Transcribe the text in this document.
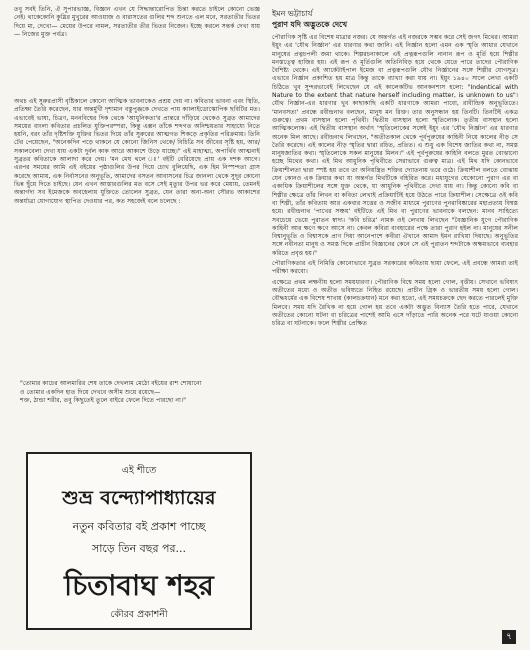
তবু সবই তিনি, ঐ সুপারভাজ্ঞ, বিজ্ঞান এখন যে সিদ্ধান্তারোপিত চিন্তা করতে চাইলে কোনো ভেজ্ঞ নেই। থাকেকোনি কুয়্রির মুখুরের আওয়াজ ও বারাসতের গুলির শব্দ শুনতে এল মনে, সরতাতীর ভিতর দিয়ে মা, দেখো— মেয়ের উপরে নামল, সরতাতীর তীর ভিতর নিজেন। ইচ্ছে করলে সন্তর্ক দেখা যায় — নিজের মুক্ত পর্বত্র।

অথচ এই সুরুরপ্রাসী বৃষ্টিকালে কোনো আত্মিক ভাবনাকেও প্রশ্রয় দেয় না। কবিতার ভাবনা এবং স্থিতি, প্রতিক্ষা তৈরি করেছেন, যার অন্তর্মুখী দৃশ্যমান বস্তুপুঞ্জকে দেখতে পায় ক্যালাইডোস্কোপিক ছবিটির মত। এভাবেই ভাষা, চিত্রণ, মননবিশ্বের দিক থেকে 'আধুনিকতা'র প্রান্তরে দাঁড়িয়ে থেকেও সুব্রত আমাদের সময়ের বাংলা কবিতার প্রচলিত যুক্তিপরম্পরা, কিন্তু এক্সন তাঁকে শব্দগত অনিশ্চয়তার সাহায্যে নিতে হয়নি, বরং তাঁর দৃষ্টিশক্তি যুক্তির ভিতর দিয়ে তাঁর সুরুরের আত্মগত শিকড়ে প্রকৃতির পরিক্রমায়। তিনি টের পেয়েছেন, "অনেকদিন পড়ে থাকনে যে কোনো জিনিস থেকে/ বিচিত্রি সব জীবের সৃষ্টি হয়, আর/ সকালবেলা দেখা যায় একটা দুর্বল কাক আরে আকাশে উড়ে যাচ্ছে।" এই মাহাত্ম্য, অপার্থিব আত্মনাই সুব্রতর কবিতাকে আলাদা করে দেয়। 'মন মেঘ থলে ঃ' বইটি বেরিয়েছে প্রায় এক দশক আগে। এরপর সময়ের আমি এই বইয়ের পৃষ্ঠাগুলির উপর দিয়ে চোখ বুলিয়েছি, এক হিম নিস্পন্দতা গ্রাস করেছে আমায়, এক নির্বাসনের অনুভূতি, আমাদের বসতন আবাসনের চিত্র জানলা থেকে সুদূর কোনো ভিন্ন ছুঁয়ে দিতে চাইছে। যেন এখন আস্তারগুলির মত বসে সেই মৃত্যুর উপর ভর করে মেয়ায়, তেমনই অন্তার্গদ্য সব ইমেজকে অবহেলায় যুক্তিতে তোলেন সুব্রত, যেন তারা অন্য-অন্য সৌরভ আকাশের অন্তর্যাত্রা যোগাযোগ স্থাপিত দেওয়ার পর, কত সহজেই বলে চলেছে :

"তোমার কাচের আলমারির শেষ তাকে দেখলাম মেঠো বইয়ের রাশ শোয়ানো

ও তোমার একদিন হাত দিয়ে দেখবে অসীম শুয়ে রয়েছে—

শক্ত, ঠান্ডা শরীর, তবু কিছুতেই তুলে বাইরে ফেলে দিতে পারছো না।"

এই শীতে
শুভ্র বন্দ্যোপাধ্যায়ের
নতুন কবিতার বই প্রকাশ পাচ্ছে
সাড়ে তিন বছর পর...
চিতাবাঘ শহর
কৌরব প্রকাশনী
ইমন ভট্টাচার্য
পুরাণ যদি অদ্ভুতকে দেখে

পৌরাণিক সৃষ্টি এর বিশেষ মাত্রার নজর। যে অন্তর্গত এই নজরকে সম্ভব করে সেই জগৎ মিথের। আমরা ইয়ুং এর 'যৌথ নির্জ্ঞান' এর ধারণার কথা জানি। এই নির্জ্ঞান হলো এমন এক স্মৃতি আধার যেখানে মানুষের প্রত্নচপলী জমা থাকে। শিল্পরচনাকালে এই প্রত্নরূপগুলি নানান রূপ ও মূর্তি হয়ে শিল্পীর মনস্তত্ত্বে হাজির হয়। এই রূপ ও মূর্তিগুলি অতিনিবিড় হয়ে থেকে যেতে পারে তাদের পৌরাণিক বৈশিষ্ট্য থেকে। এই আর্কেটাইপাল ইমেজ বা প্রত্নরূপগুলি যৌথ নির্জ্ঞানের সঙ্গে শিল্পীর যোগসূত্র। এভাবে নির্জ্ঞান প্রকাশিত হয় মাত্র কিন্তু তাকে ব্যাখ্যা করা যায় না। ইয়ুং ১৯৪০ সালে লেখা একটি চিঠিতে খুব সুন্দরভাবেই লিখেছেন যে এই কালেকটিভ আনকনশাস হলো: "Indentical with Nature to the extent that nature herself including matter, is unknown to us"। যৌথ নির্জ্ঞান-এর ধারণার খুব কাছাকাছি একটি ধারণাকে আমরা পাবো, রাবীন্দ্রিক অনুভূতিতে। 'মানবসত্য' প্রবন্ধে রবীন্দ্রনাথ বলছেন, মানুষ মন রিক্ত। তার অনুসন্ধান হয় তিনটি। তিনটিই একত্র গুরুত্বে। প্রথম বাসস্থান হলো পৃথিবী। দ্বিতীয় বাসস্থান হলো স্মৃতিলোক। তৃতীয় বাসস্থান হলো আত্মিকলোক। এই দ্বিতীয় বাসস্থান অর্থাৎ 'স্মৃতিলোকের সঙ্গেই ইয়ুং এর 'যৌথ নির্জ্ঞান' এর ধারণার অনেক মিল আছে। রবীন্দ্রনাথ লিখছেন, "অতীতকাল থেকে পূর্বপুরুষের কাহিনী নিয়ে কালের নীড় সে তৈরি করেছে। এই কালের নীড় স্মৃতির দ্বারা রচিত, প্রতিত। এ শুধু এক বিশেষ জাতির কথা না, সমস্ত মানুষজাতির কথা। স্মৃতিলোকে সকল মানুষের মিলন।" এই পূর্বপুরুষের কাহিনি বলতে মুরত বোঝানো হচ্ছে মিথের কথা। এই মিথ আধুনিক পৃথিবীতে সেরাভাবে গুরুত্ব মাত্র। এই মিথ যদি কোনভাবে ক্রিয়াশীলতা দ্বারা স্পষ্ট হয় তবে তা অনিয়ন্ত্রিত শক্তির দ্যোতনায় ভরে ওঠে। ক্রিয়াশীল বলতে বোঝায় যেন কোনও এক ক্রিয়ার কথা যা অন্তর্গত মিথটিকে বহিরিত করে। মধ্যযুগের যেকোনো পুরাণ এর বা একাধিক ক্রিয়াশীলের সঙ্গে যুক্ত থেকে, যা আধুনিক পৃথিবীতে দেখা যায় না। কিন্তু কোনো কবি বা শিল্পীর ক্ষেত্রে তাঁর লিখন বা কবিতা লেখাই প্রক্রিয়াটিই হয়ে উঠতে পারে ক্রিয়াশীল। সেক্ষেত্রে ওই কবি বা শিল্পী, তাঁর কবিতায় আর একবার সত্তের ও সজীব মাধ্যমে পুরাণের পুনরাবিষ্কারের মহাপ্রত্যয় বিশ্বস্ত হয়ে। রবীন্দ্রনাথ 'পাখের সঞ্চয়' বইটিতে এই মিথ বা পুরাণের ভাবনাকে বলছেন: মানব সাহিত্যে সবচেয়ে ভেয়ে পুরাতন স্বাদ্য। 'কবি চরিত্র' নামক ওই লেখায় লিখছেন "বৈজ্ঞানিক যুগে পৌরাণিক কাহিনী আর ক্ষণে ক্ষণে আসে না। কেবল কবিরা ব্যবহারের পক্ষে তারা পুরাণ হইল না। মানুষের সনীল বিশ্বানুভূতি ও বিশ্বাসকে প্রাণ দিয়া আনেপাশে কবীরা ঐখানে আমাদ ইমন রাখিয়া দিয়াছে। অনুভূতির সঙ্গে নবীনতা মানুষ ও সমস্ত দিকে প্রাচীন বিজ্ঞানের কেনে সে এই পুরাতন শব্দটাকে অক্ষয়ভাবে ব্যবহার করিতে প্রবৃত্ত হয়।"

পৌরাণিকতার এই নিমিত্তি কোনোভাবে সুব্রত সরকারের কবিতায় ছায়া ফেলে, এই প্রবন্ধে আমরা তাই পরীক্ষা করবো।

এক্ষেত্রে প্রথম লক্ষণীয় হলো সময়ধারণা। পৌরাণিক বিশ্বে সময় হলো গোল, বৃত্তীয়। সেখানে ভবিষ্যৎ অতীতের মধ্যে ও অতীত ভবিষ্যতে নিহিত রয়েছে। প্রাচীন গ্রিক ও ভারতীয় সময় হলো গোল। বৌদ্ধধর্মের এক বিশেষ শাখায় (কালচক্রযান) মনে করা হতো, এই সময়চক্রকে ছেদ করতে পারলেই মুক্তি মিলবে। সময় যদি রৈখিক না হয়ে গোল হয় তবে একটা অদ্ভুত বিন্যাস তৈরি হতে পারে, যেখানে অতীতের কোনো ঘটনা বা চরিত্রের পাশেই আমি এসে দাঁড়াতে পারি অনেক পরে ঘটে যাওয়া কোনো চরিত্র বা ঘটনাকে। ফলে শিল্পীর প্রেক্ষিত

৭
